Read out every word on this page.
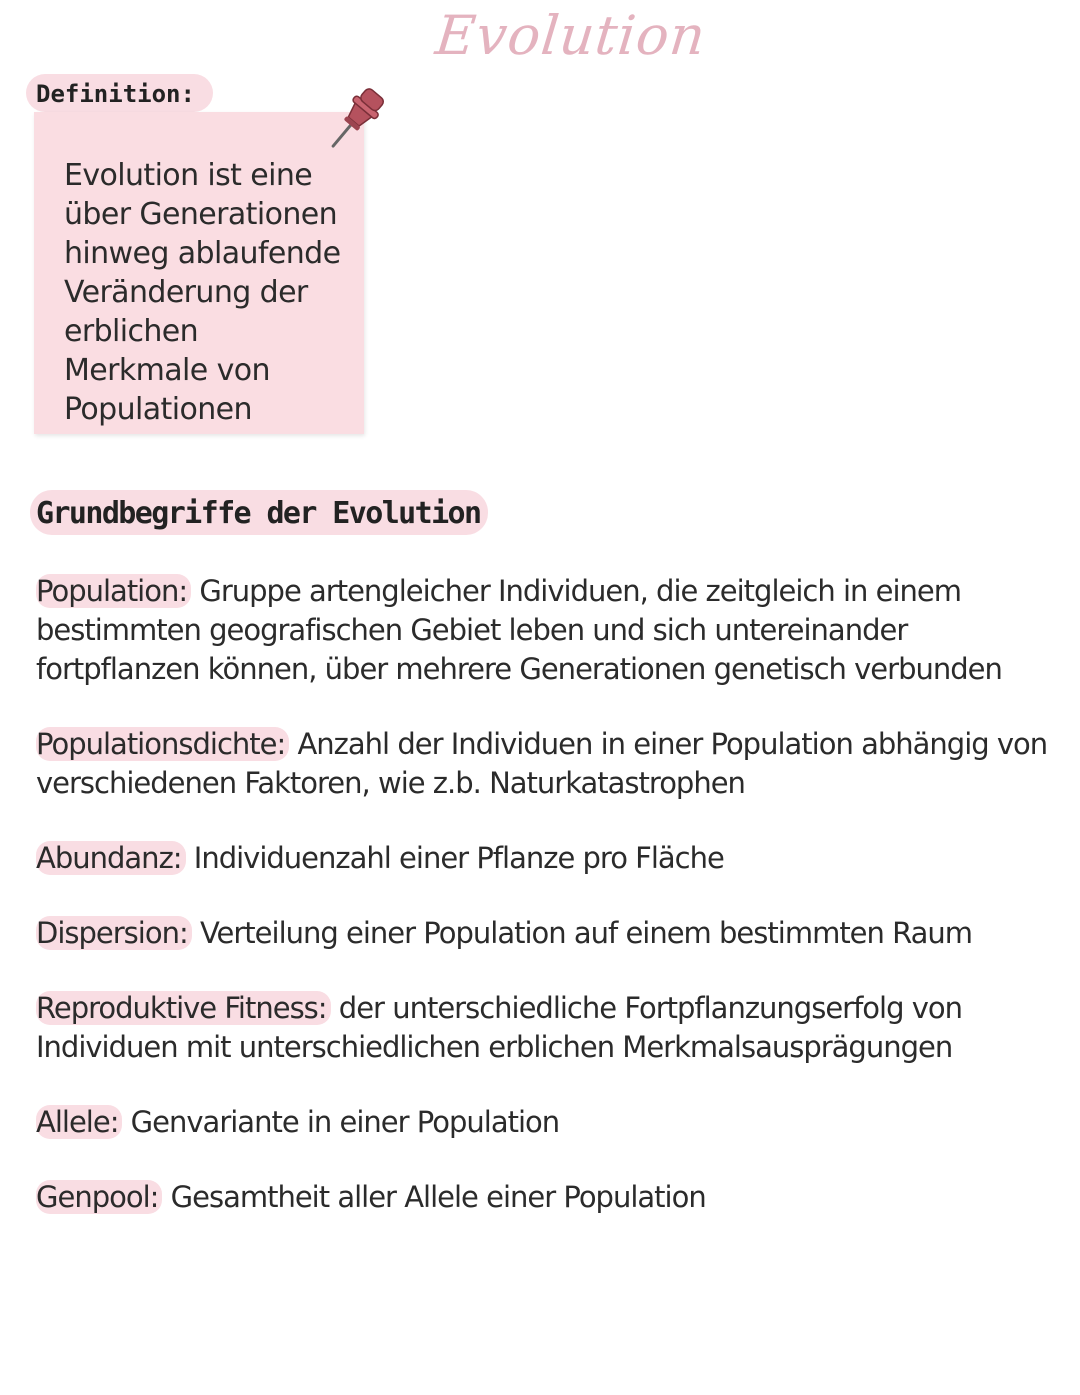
Evolution
Definition:
Evolution ist eine über Generationen hinweg ablaufende Veränderung der erblichen Merkmale von Populationen
Grundbegriffe der Evolution
Population: Gruppe artengleicher Individuen, die zeitgleich in einem bestimmten geografischen Gebiet leben und sich untereinander fortpflanzen können, über mehrere Generationen genetisch verbunden
Populationsdichte: Anzahl der Individuen in einer Population abhängig von verschiedenen Faktoren, wie z.b. Naturkatastrophen
Abundanz: Individuenzahl einer Pflanze pro Fläche
Dispersion: Verteilung einer Population auf einem bestimmten Raum
Reproduktive Fitness: der unterschiedliche Fortpflanzungserfolg von Individuen mit unterschiedlichen erblichen Merkmalsausprägungen
Allele: Genvariante in einer Population
Genpool: Gesamtheit aller Allele einer Population
